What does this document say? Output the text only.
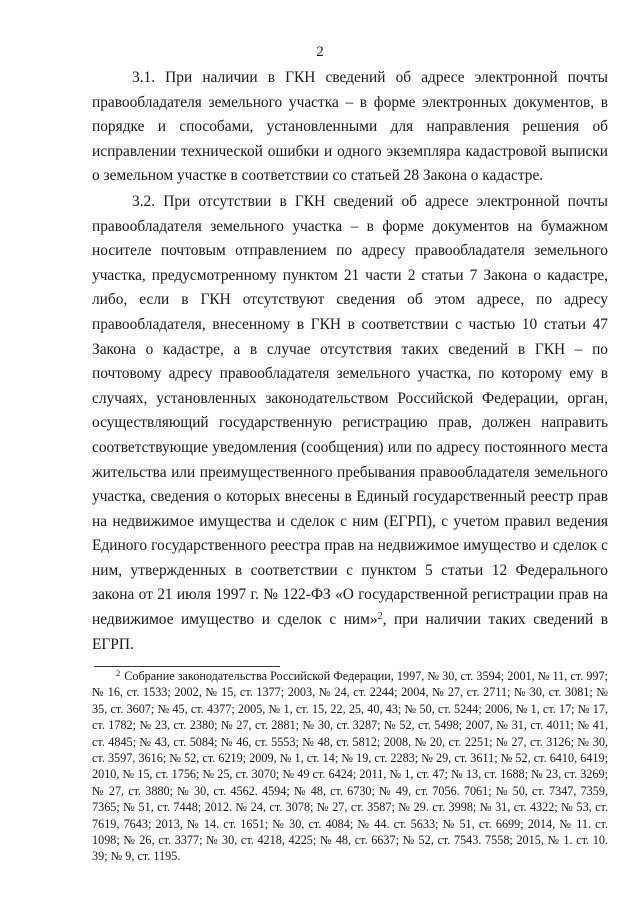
2

3.1. При наличии в ГКН сведений об адресе электронной почты правообладателя земельного участка – в форме электронных документов, в порядке и способами, установленными для направления решения об исправлении технической ошибки и одного экземпляра кадастровой выписки о земельном участке в соответствии со статьей 28 Закона о кадастре.

3.2. При отсутствии в ГКН сведений об адресе электронной почты правообладателя земельного участка – в форме документов на бумажном носителе почтовым отправлением по адресу правообладателя земельного участка, предусмотренному пунктом 21 части 2 статьи 7 Закона о кадастре, либо, если в ГКН отсутствуют сведения об этом адресе, по адресу правообладателя, внесенному в ГКН в соответствии с частью 10 статьи 47 Закона о кадастре, а в случае отсутствия таких сведений в ГКН – по почтовому адресу правообладателя земельного участка, по которому ему в случаях, установленных законодательством Российской Федерации, орган, осуществляющий государственную регистрацию прав, должен направить соответствующие уведомления (сообщения) или по адресу постоянного места жительства или преимущественного пребывания правообладателя земельного участка, сведения о которых внесены в Единый государственный реестр прав на недвижимое имущества и сделок с ним (ЕГРП), с учетом правил ведения Единого государственного реестра прав на недвижимое имущество и сделок с ним, утвержденных в соответствии с пунктом 5 статьи 12 Федерального закона от 21 июля 1997 г. № 122-ФЗ «О государственной регистрации прав на недвижимое имущество и сделок с ним»$^2$, при наличии таких сведений в ЕГРП.

$^2$ Собрание законодательства Российской Федерации, 1997, № 30, ст. 3594; 2001, № 11, ст. 997; № 16, ст. 1533; 2002, № 15, ст. 1377; 2003, № 24, ст. 2244; 2004, № 27, ст. 2711; № 30, ст. 3081; № 35, ст. 3607; № 45, ст. 4377; 2005, № 1, ст. 15, 22, 25, 40, 43; № 50, ст. 5244; 2006, № 1, ст. 17; № 17, ст. 1782; № 23, ст. 2380; № 27, ст. 2881; № 30, ст. 3287; № 52, ст. 5498; 2007, № 31, ст. 4011; № 41, ст. 4845; № 43, ст. 5084; № 46, ст. 5553; № 48, ст. 5812; 2008, № 20, ст. 2251; № 27, ст. 3126; № 30, ст. 3597, 3616; № 52, ст. 6219; 2009, № 1, ст. 14; № 19, ст. 2283; № 29, ст. 3611; № 52, ст. 6410, 6419; 2010, № 15, ст. 1756; № 25, ст. 3070; № 49 ст. 6424; 2011, № 1, ст. 47; № 13, ст. 1688; № 23, ст. 3269; № 27, ст. 3880; № 30, ст. 4562. 4594; № 48, ст. 6730; № 49, ст. 7056. 7061; № 50, ст. 7347, 7359, 7365; № 51, ст. 7448; 2012. № 24, ст. 3078; № 27, ст. 3587; № 29. ст. 3998; № 31, ст. 4322; № 53, ст. 7619, 7643; 2013, № 14. ст. 1651; № 30, ст. 4084; № 44. ст. 5633; № 51, ст. 6699; 2014, № 11. ст. 1098; № 26, ст. 3377; № 30, ст. 4218, 4225; № 48, ст. 6637; № 52, ст. 7543. 7558; 2015, № 1. ст. 10. 39; № 9, ст. 1195.
